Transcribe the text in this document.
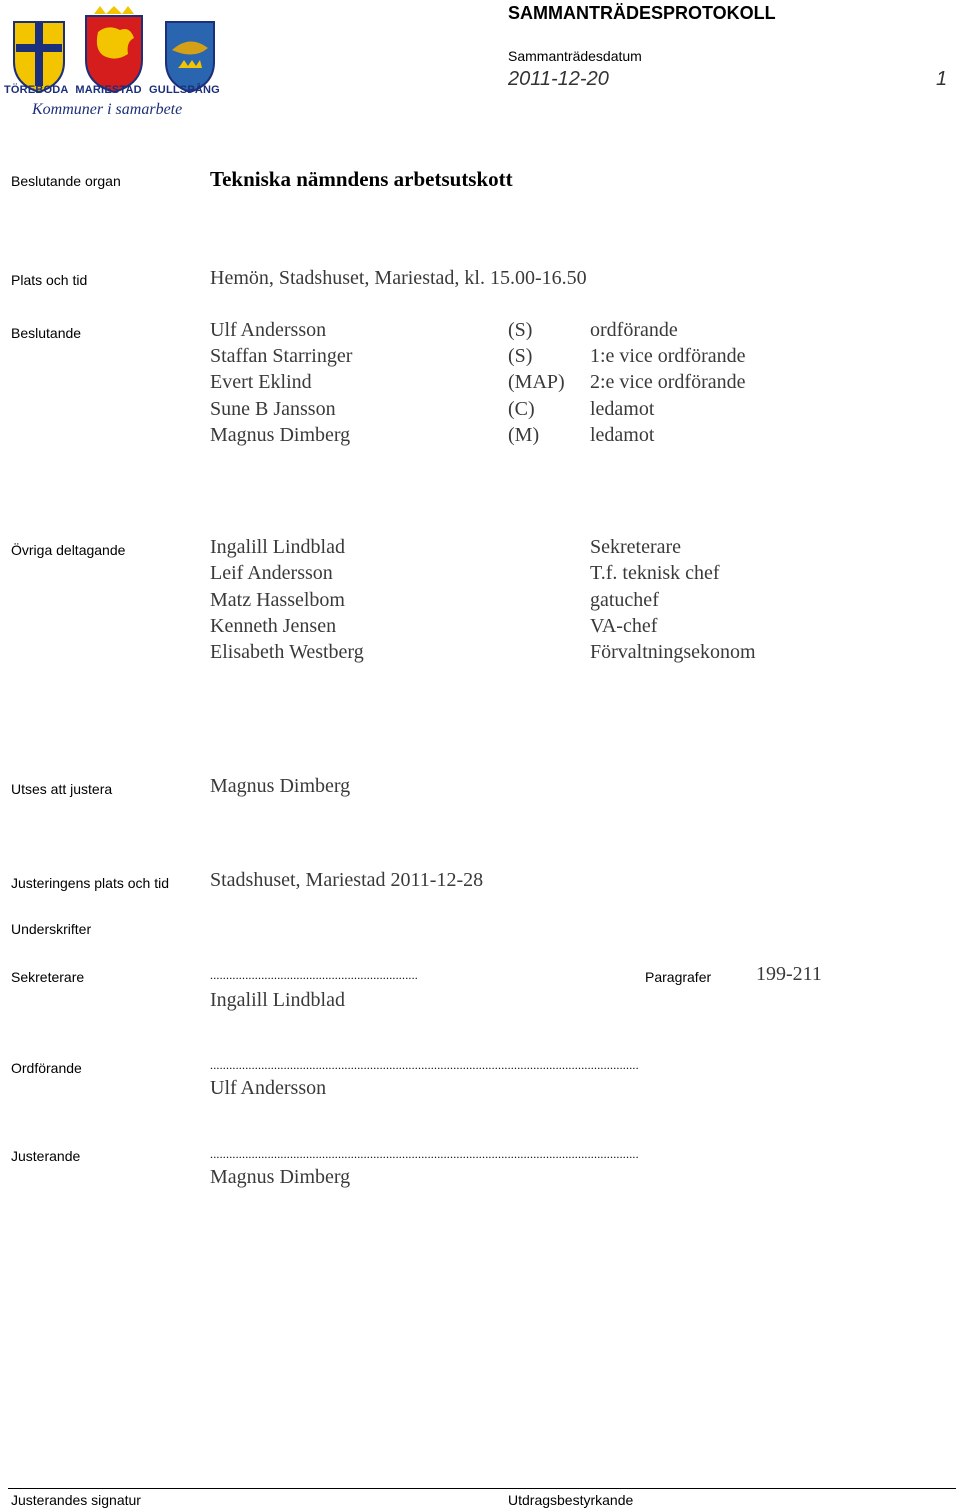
TÖREBODA MARIESTAD GULLSPÅNG
Kommuner i samarbete
SAMMANTRÄDESPROTOKOLL
Sammanträdesdatum
2011-12-20	1
Beslutande organ	Tekniska nämndens arbetsutskott
Plats och tid	Hemön, Stadshuset, Mariestad, kl. 15.00-16.50
Beslutande	Ulf Andersson	(S)	ordförande
Staffan Starringer	(S)	1:e vice ordförande
Evert Eklind	(MAP) 2:e vice ordförande
Sune B Jansson	(C)	ledamot
Magnus Dimberg	(M)	ledamot
Övriga deltagande	Ingalill Lindblad	Sekreterare
Leif Andersson	T.f. teknisk chef
Matz Hasselbom	gatuchef
Kenneth Jensen	VA-chef
Elisabeth Westberg	Förvaltningsekonom
Utses att justera	Magnus Dimberg
Justeringens plats och tid Stadshuset, Mariestad 2011-12-28
Underskrifter
Sekreterare	.................................................................
Ingalill Lindblad
Paragrafer 199-211
Ordförande	......................................................................................................................................
Ulf Andersson
Justerande	......................................................................................................................................
Magnus Dimberg
Justerandes signatur	Utdragsbestyrkande
